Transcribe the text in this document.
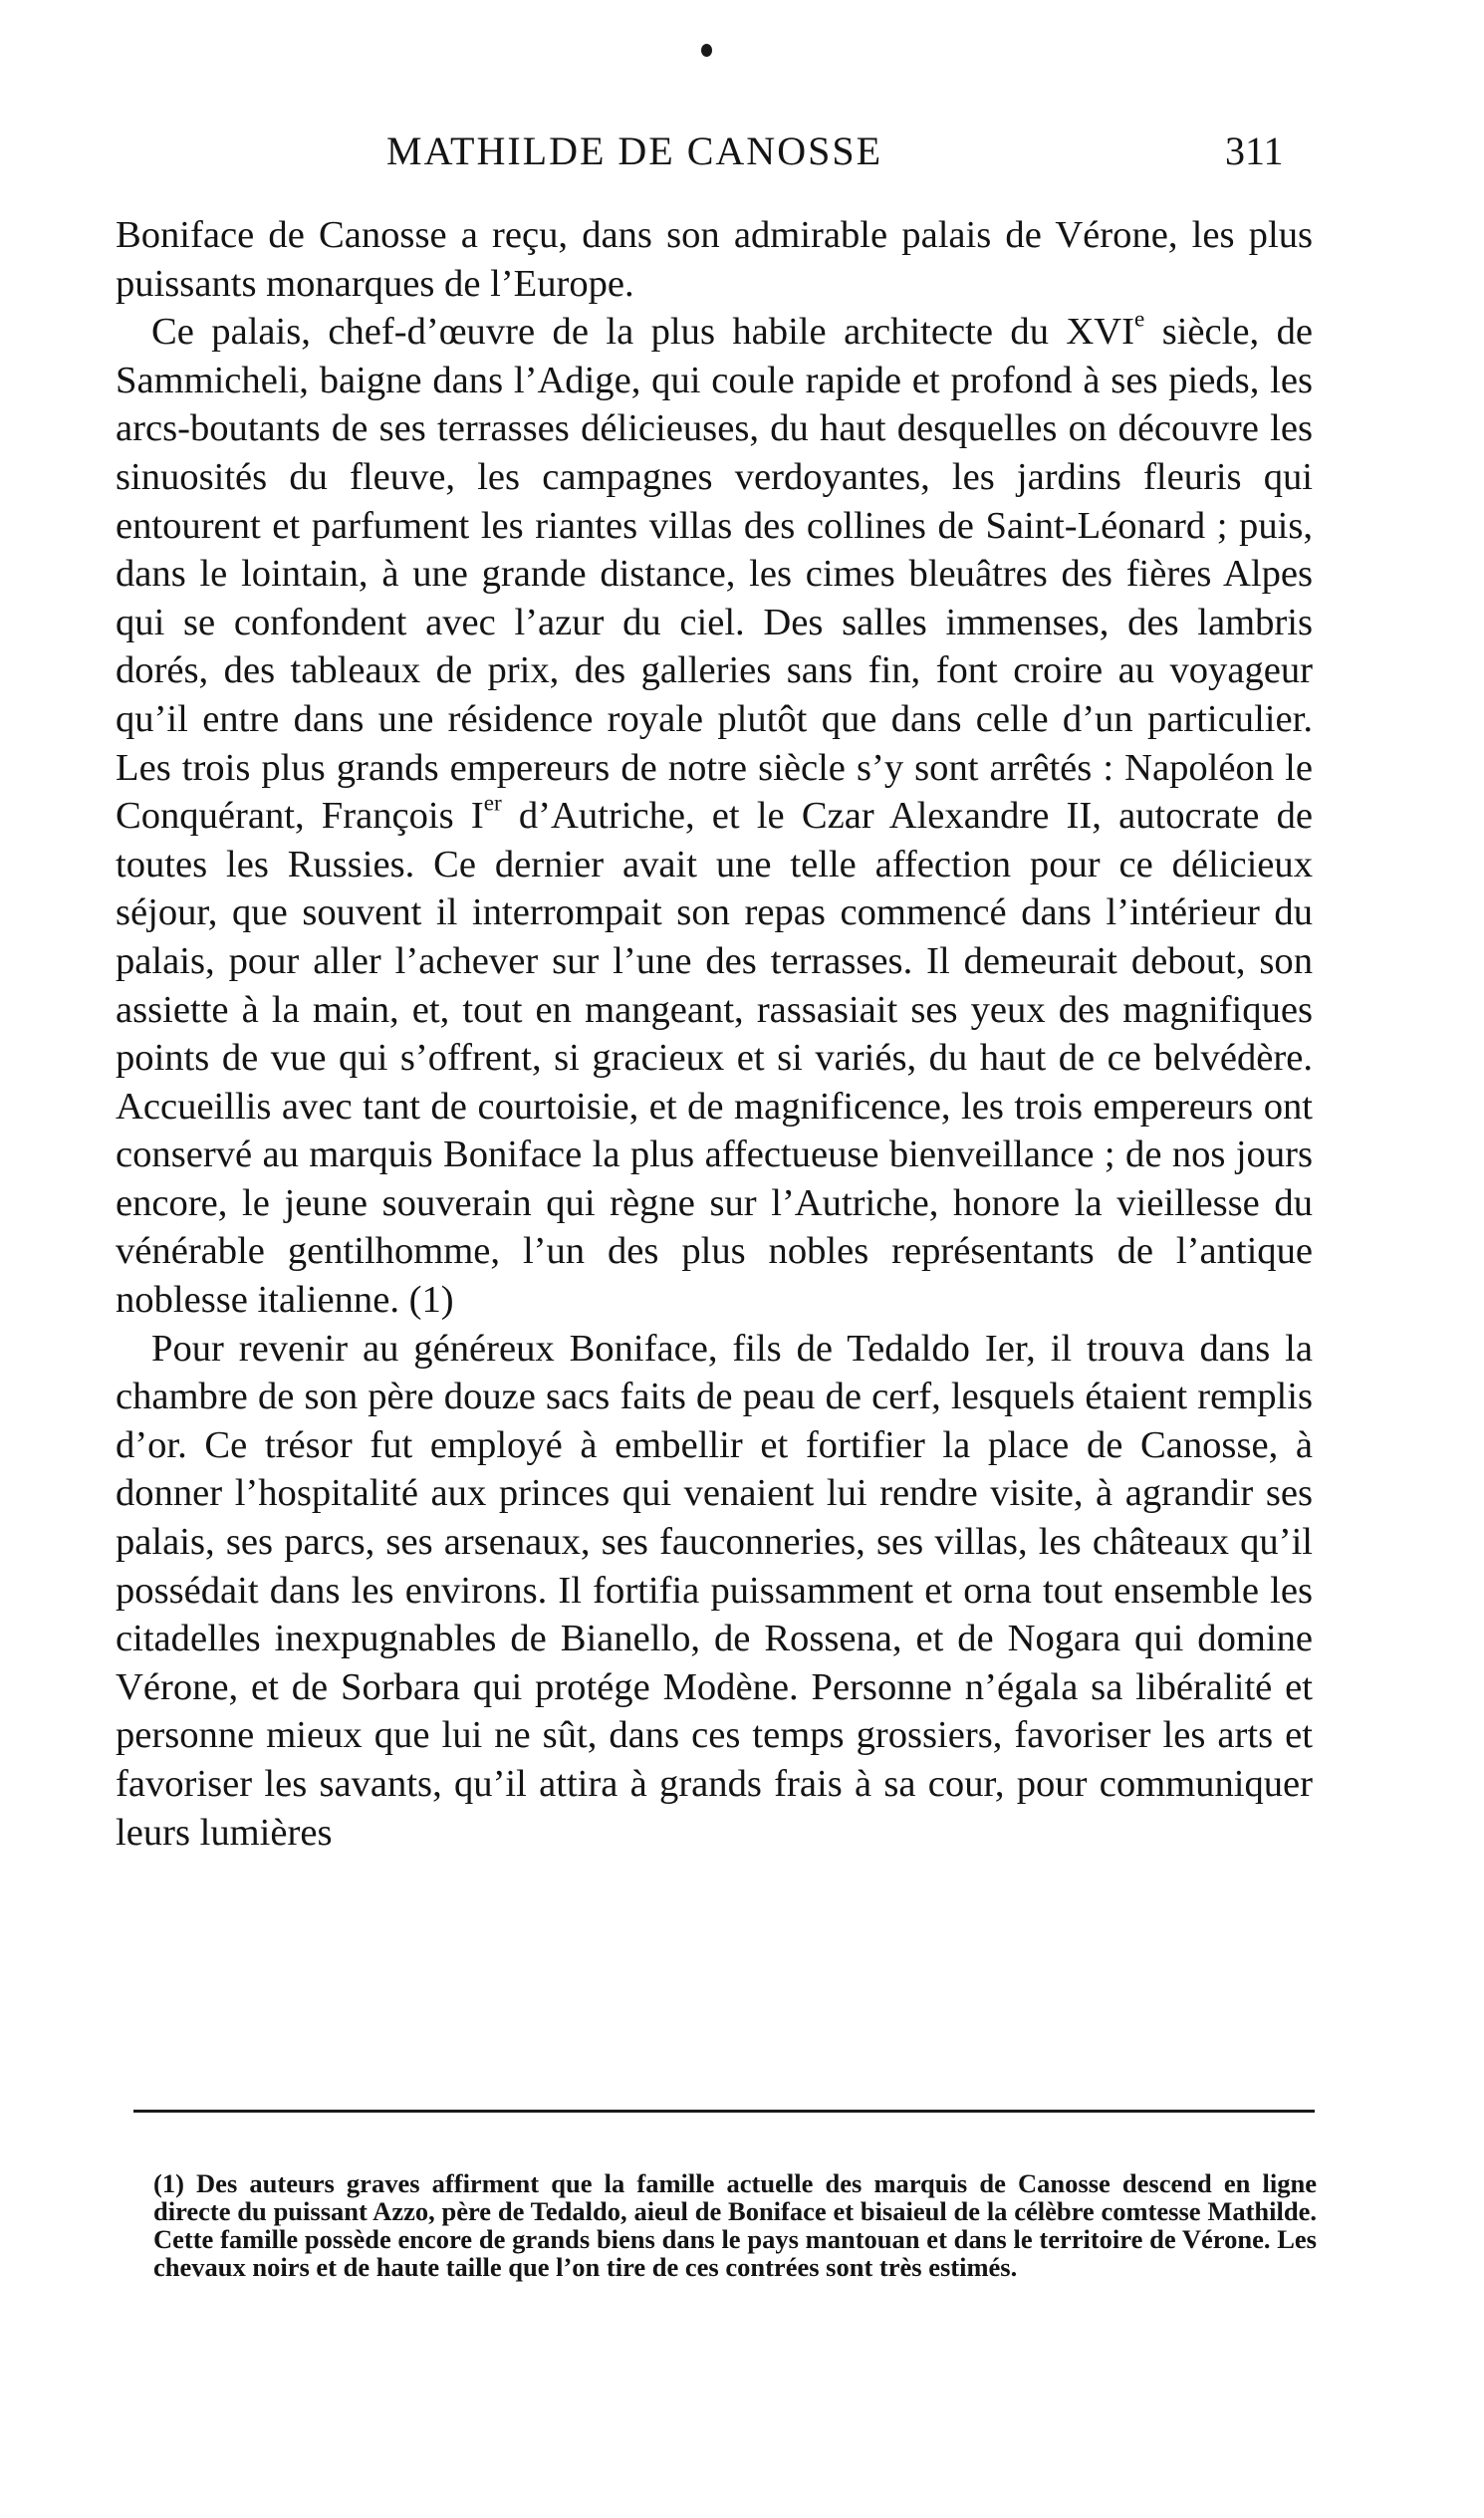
MATHILDE DE CANOSSE	311

Boniface de Canosse a reçu, dans son admirable palais de Vérone, les plus puissants monarques de l’Europe.

Ce palais, chef-d’œuvre de la plus habile architecte du XVIe siècle, de Sammicheli, baigne dans l’Adige, qui coule rapide et profond à ses pieds, les arcs-boutants de ses terrasses délicieuses, du haut desquelles on découvre les sinuosités du fleuve, les campagnes verdoyantes, les jardins fleuris qui entourent et parfument les riantes villas des collines de Saint-Léonard ; puis, dans le lointain, à une grande distance, les cimes bleuâtres des fières Alpes qui se confondent avec l’azur du ciel. Des salles immenses, des lambris dorés, des tableaux de prix, des galleries sans fin, font croire au voyageur qu’il entre dans une résidence royale plutôt que dans celle d’un particulier. Les trois plus grands empereurs de notre siècle s’y sont arrêtés : Napoléon le Conquérant, François Ier d’Autriche, et le Czar Alexandre II, autocrate de toutes les Russies. Ce dernier avait une telle affection pour ce délicieux séjour, que souvent il interrompait son repas commencé dans l’intérieur du palais, pour aller l’achever sur l’une des terrasses. Il demeurait debout, son assiette à la main, et, tout en mangeant, rassasiait ses yeux des magnifiques points de vue qui s’offrent, si gracieux et si variés, du haut de ce belvédère. Accueillis avec tant de courtoisie, et de magnificence, les trois empereurs ont conservé au marquis Boniface la plus affectueuse bienveillance ; de nos jours encore, le jeune souverain qui règne sur l’Autriche, honore la vieillesse du vénérable gentilhomme, l’un des plus nobles représentants de l’antique noblesse italienne. (1)

Pour revenir au généreux Boniface, fils de Tedaldo Ier, il trouva dans la chambre de son père douze sacs faits de peau de cerf, lesquels étaient remplis d’or. Ce trésor fut employé à embellir et fortifier la place de Canosse, à donner l’hospitalité aux princes qui venaient lui rendre visite, à agrandir ses palais, ses parcs, ses arsenaux, ses fauconneries, ses villas, les châteaux qu’il possédait dans les environs. Il fortifia puissamment et orna tout ensemble les citadelles inexpugnables de Bianello, de Rossena, et de Nogara qui domine Vérone, et de Sorbara qui protége Modène. Personne n’égala sa libéralité et personne mieux que lui ne sût, dans ces temps grossiers, favoriser les arts et favoriser les savants, qu’il attira à grands frais à sa cour, pour communiquer leurs lumières

(1) Des auteurs graves affirment que la famille actuelle des marquis de Canosse descend en ligne directe du puissant Azzo, père de Tedaldo, aieul de Boniface et bisaieul de la célèbre comtesse Mathilde. Cette famille possède encore de grands biens dans le pays mantouan et dans le territoire de Vérone. Les chevaux noirs et de haute taille que l’on tire de ces contrées sont très estimés.
